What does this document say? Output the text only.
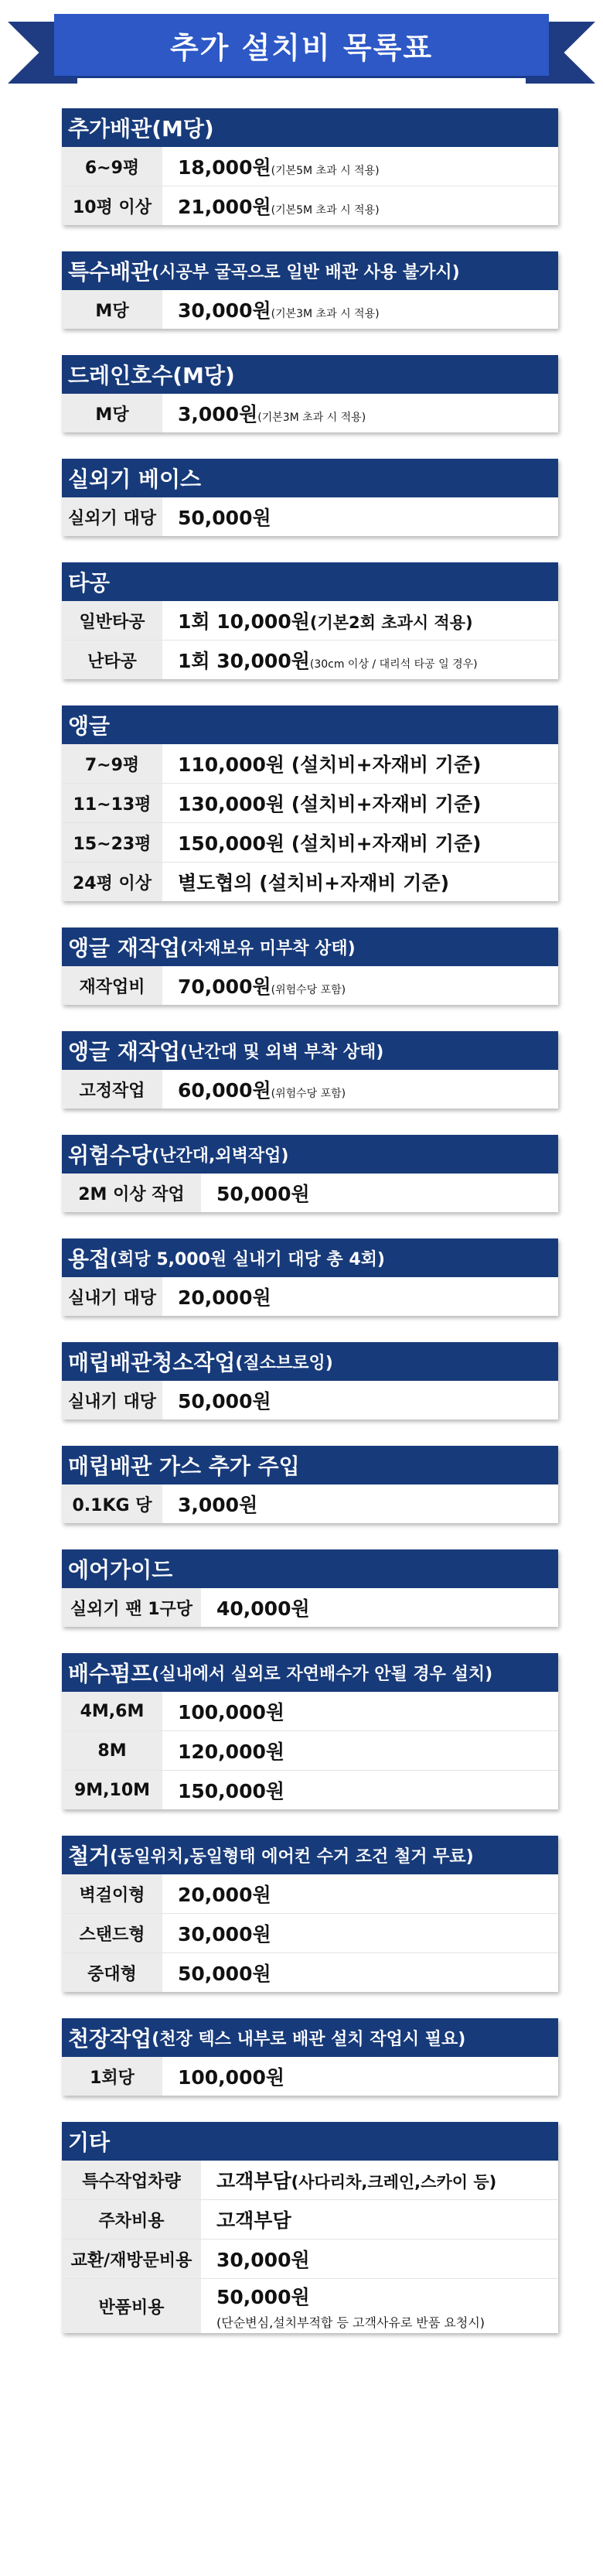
추가 설치비 목록표
추가배관(M당)
6~9평	18,000원(기본5M 초과 시 적용)
10평 이상	21,000원(기본5M 초과 시 적용)
특수배관 (시공부 굴곡으로 일반 배관 사용 불가시)
M당	30,000원(기본3M 초과 시 적용)
드레인호수(M당)
M당	3,000원(기본3M 초과 시 적용)
실외기 베이스
실외기 대당	50,000원
타공
일반타공	1회 10,000원(기본2회 초과시 적용)
난타공	1회 30,000원(30cm 이상 / 대리석 타공 일 경우)
앵글
7~9평	110,000원 (설치비+자재비 기준)
11~13평	130,000원 (설치비+자재비 기준)
15~23평	150,000원 (설치비+자재비 기준)
24평 이상	별도협의 (설치비+자재비 기준)
앵글 재작업 (자재보유 미부착 상태)
재작업비	70,000원(위험수당 포함)
앵글 재작업 (난간대 및 외벽 부착 상태)
고정작업	60,000원(위험수당 포함)
위험수당 (난간대,외벽작업)
2M 이상 작업	50,000원
용접 (회당 5,000원 실내기 대당 총 4회)
실내기 대당	20,000원
매립배관청소작업 (질소브로잉)
실내기 대당	50,000원
매립배관 가스 추가 주입
0.1KG 당	3,000원
에어가이드
실외기 팬 1구당	40,000원
배수펌프 (실내에서 실외로 자연배수가 안될 경우 설치)
4M,6M	100,000원
8M	120,000원
9M,10M	150,000원
철거 (동일위치,동일형태 에어컨 수거 조건 철거 무료)
벽걸이형	20,000원
스탠드형	30,000원
중대형	50,000원
천장작업 (천장 텍스 내부로 배관 설치 작업시 필요)
1회당	100,000원
기타
특수작업차량	고객부담(사다리차,크레인,스카이 등)
주차비용	고객부담
교환/재방문비용	30,000원
반품비용	50,000원
(단순변심,설치부적합 등 고객사유로 반품 요청시)
